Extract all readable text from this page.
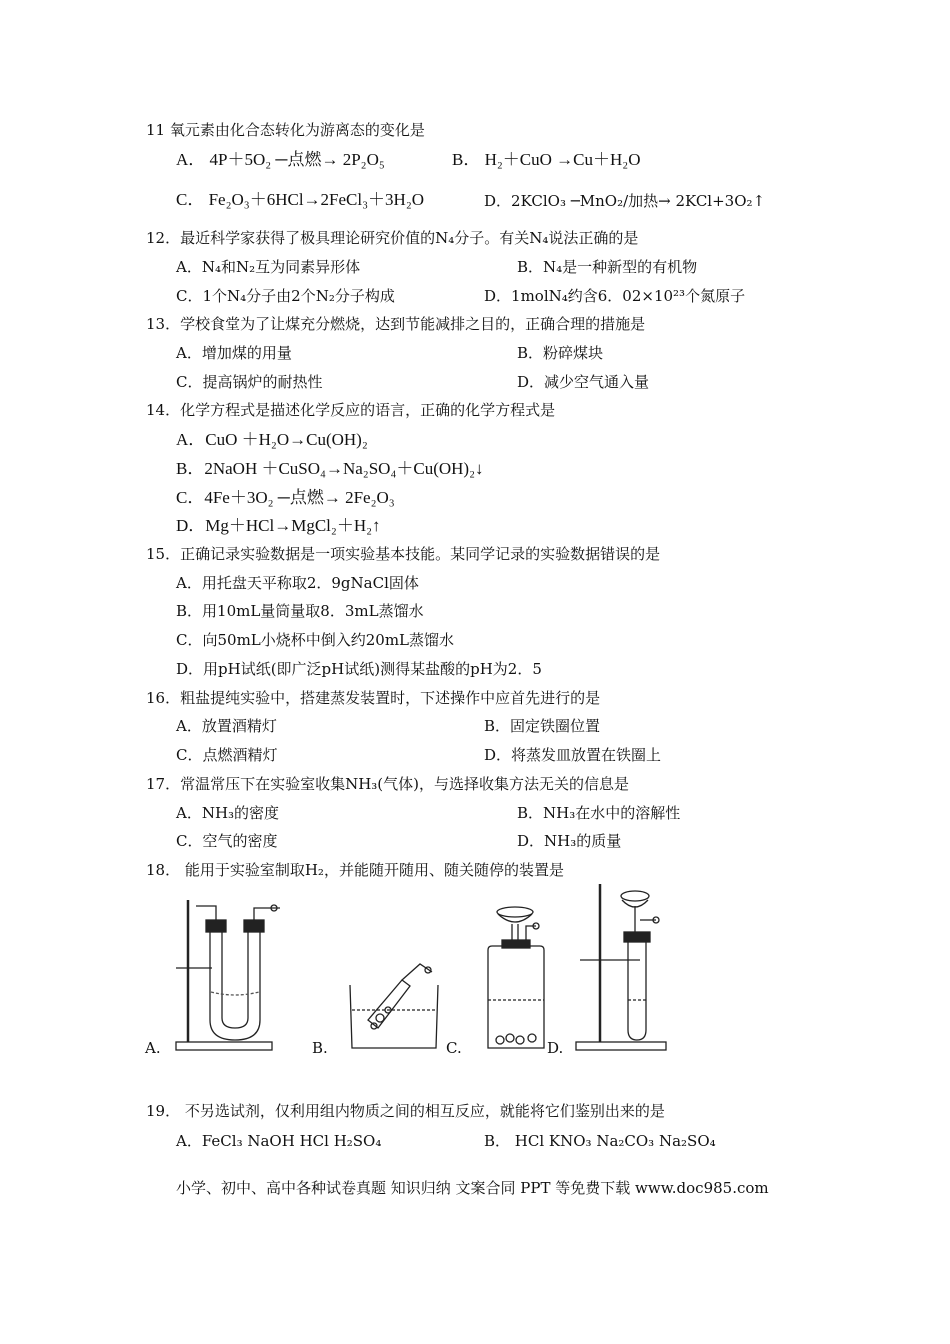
11 氧元素由化合态转化为游离态的变化是
A． 4P＋5O₂ ─点燃→ 2P₂O₅	B． H₂＋CuO →Cu＋H₂O
C． Fe₂O₃＋6HCl→2FeCl₃＋3H₂O	D．2KClO₃ ─MnO₂/加热→ 2KCl+3O₂↑
12．最近科学家获得了极具理论研究价值的N₄分子。有关N₄说法正确的是
A．N₄和N₂互为同素异形体	B．N₄是一种新型的有机物
C．1个N₄分子由2个N₂分子构成	D．1molN₄约含6．02×10²³个氮原子
13．学校食堂为了让煤充分燃烧，达到节能减排之目的，正确合理的措施是
A．增加煤的用量	B．粉碎煤块
C．提高锅炉的耐热性	D．减少空气通入量
14．化学方程式是描述化学反应的语言，正确的化学方程式是
A．CuO ＋H₂O→Cu(OH)₂
B．2NaOH ＋CuSO₄→Na₂SO₄＋Cu(OH)₂↓
C．4Fe＋3O₂ ─点燃→ 2Fe₂O₃
D．Mg＋HCl→MgCl₂＋H₂↑
15．正确记录实验数据是一项实验基本技能。某同学记录的实验数据错误的是
A．用托盘天平称取2．9gNaCl固体
B．用10mL量筒量取8．3mL蒸馏水
C．向50mL小烧杯中倒入约20mL蒸馏水
D．用pH试纸(即广泛pH试纸)测得某盐酸的pH为2．5
16．粗盐提纯实验中，搭建蒸发装置时，下述操作中应首先进行的是
A．放置酒精灯	B．固定铁圈位置
C．点燃酒精灯	D．将蒸发皿放置在铁圈上
17．常温常压下在实验室收集NH₃(气体)，与选择收集方法无关的信息是
A．NH₃的密度	B．NH₃在水中的溶解性
C．空气的密度	D．NH₃的质量
18． 能用于实验室制取H₂，并能随开随用、随关随停的装置是
A.	B.	C.	D.
19． 不另选试剂，仅利用组内物质之间的相互反应，就能将它们鉴别出来的是
A．FeCl₃ NaOH HCl H₂SO₄	B． HCl KNO₃ Na₂CO₃ Na₂SO₄
小学、初中、高中各种试卷真题 知识归纳 文案合同 PPT 等免费下载 www.doc985.com
